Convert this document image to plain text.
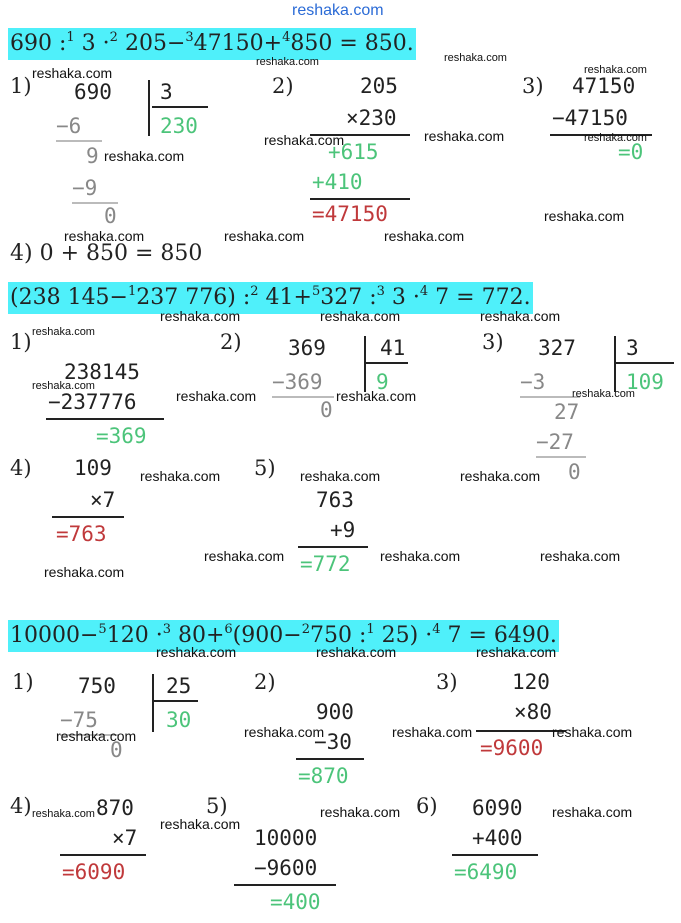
reshaka.com
690 :$^1$ 3 ·$^2$ 205−$^3$47150+$^4$850 = 850.
1)	2)	3)
690 3
230
−6
9
−9
0
205
×230
+615
+410
=47150
47150
−47150
=0
4) 0 + 850 = 850
(238 145−$^1$237 776) :$^2$ 41+$^5$327 :$^3$ 3 ·$^4$ 7 = 772.
1)	2)	3)
238145
−237776
=369
369	41
9
−369
0
327 3
109
−3
27
−27
0
4)	5)
109
×7
=763
763
+9
=772
10000−$^5$120 ·$^3$ 80+$^6$(900−$^2$750 :$^1$ 25) ·$^4$ 7 = 6490.
1)	2)	3)
750 25
30
−75
0
900
−30
=870
120
×80
=9600
4)	5)	6)
870
×7
=6090
10000
−9600
=400
6090
+400
=6490
reshaka.com
reshaka.com	reshaka.com
reshaka.com
reshaka.com	reshaka.com	reshaka.com
reshaka.com
reshaka.com
reshaka.com	reshaka.com	reshaka.com
reshaka.com	reshaka.com	reshaka.com
reshaka.com
reshaka.com
reshaka.com	reshaka.com	reshaka.com
reshaka.com	reshaka.com	reshaka.com
reshaka.com	reshaka.com	reshaka.com
reshaka.com
reshaka.com	reshaka.com	reshaka.com
reshaka.com	reshaka.com	reshaka.com	reshaka.com
reshaka.com
reshaka.com
reshaka.com	reshaka.com
